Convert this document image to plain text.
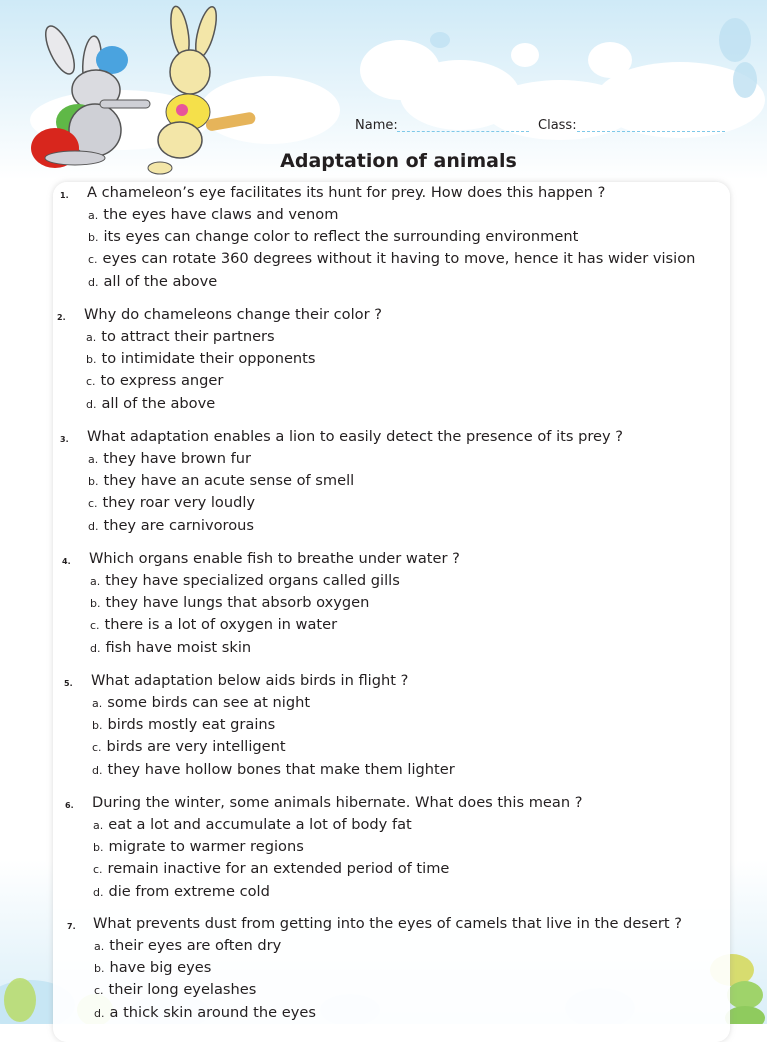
Name:	Class:
Adaptation of animals
1. A chameleon’s eye facilitates its hunt for prey. How does this happen ?
a. the eyes have claws and venom
b. its eyes can change color to reflect the surrounding environment
c. eyes can rotate 360 degrees without it having to move, hence it has wider vision
d. all of the above
2. Why do chameleons change their color ?
a. to attract their partners
b. to intimidate their opponents
c. to express anger
d. all of the above
3. What adaptation enables a lion to easily detect the presence of its prey ?
a. they have brown fur
b. they have an acute sense of smell
c. they roar very loudly
d. they are carnivorous
4. Which organs enable fish to breathe under water ?
a. they have specialized organs called gills
b. they have lungs that absorb oxygen
c. there is a lot of oxygen in water
d. fish have moist skin
5. What adaptation below aids birds in flight ?
a. some birds can see at night
b. birds mostly eat grains
c. birds are very intelligent
d. they have hollow bones that make them lighter
6. During the winter, some animals hibernate. What does this mean ?
a. eat a lot and accumulate a lot of body fat
b. migrate to warmer regions
c. remain inactive for an extended period of time
d. die from extreme cold
7. What prevents dust from getting into the eyes of camels that live in the desert ?
a. their eyes are often dry
b. have big eyes
c. their long eyelashes
d. a thick skin around the eyes
